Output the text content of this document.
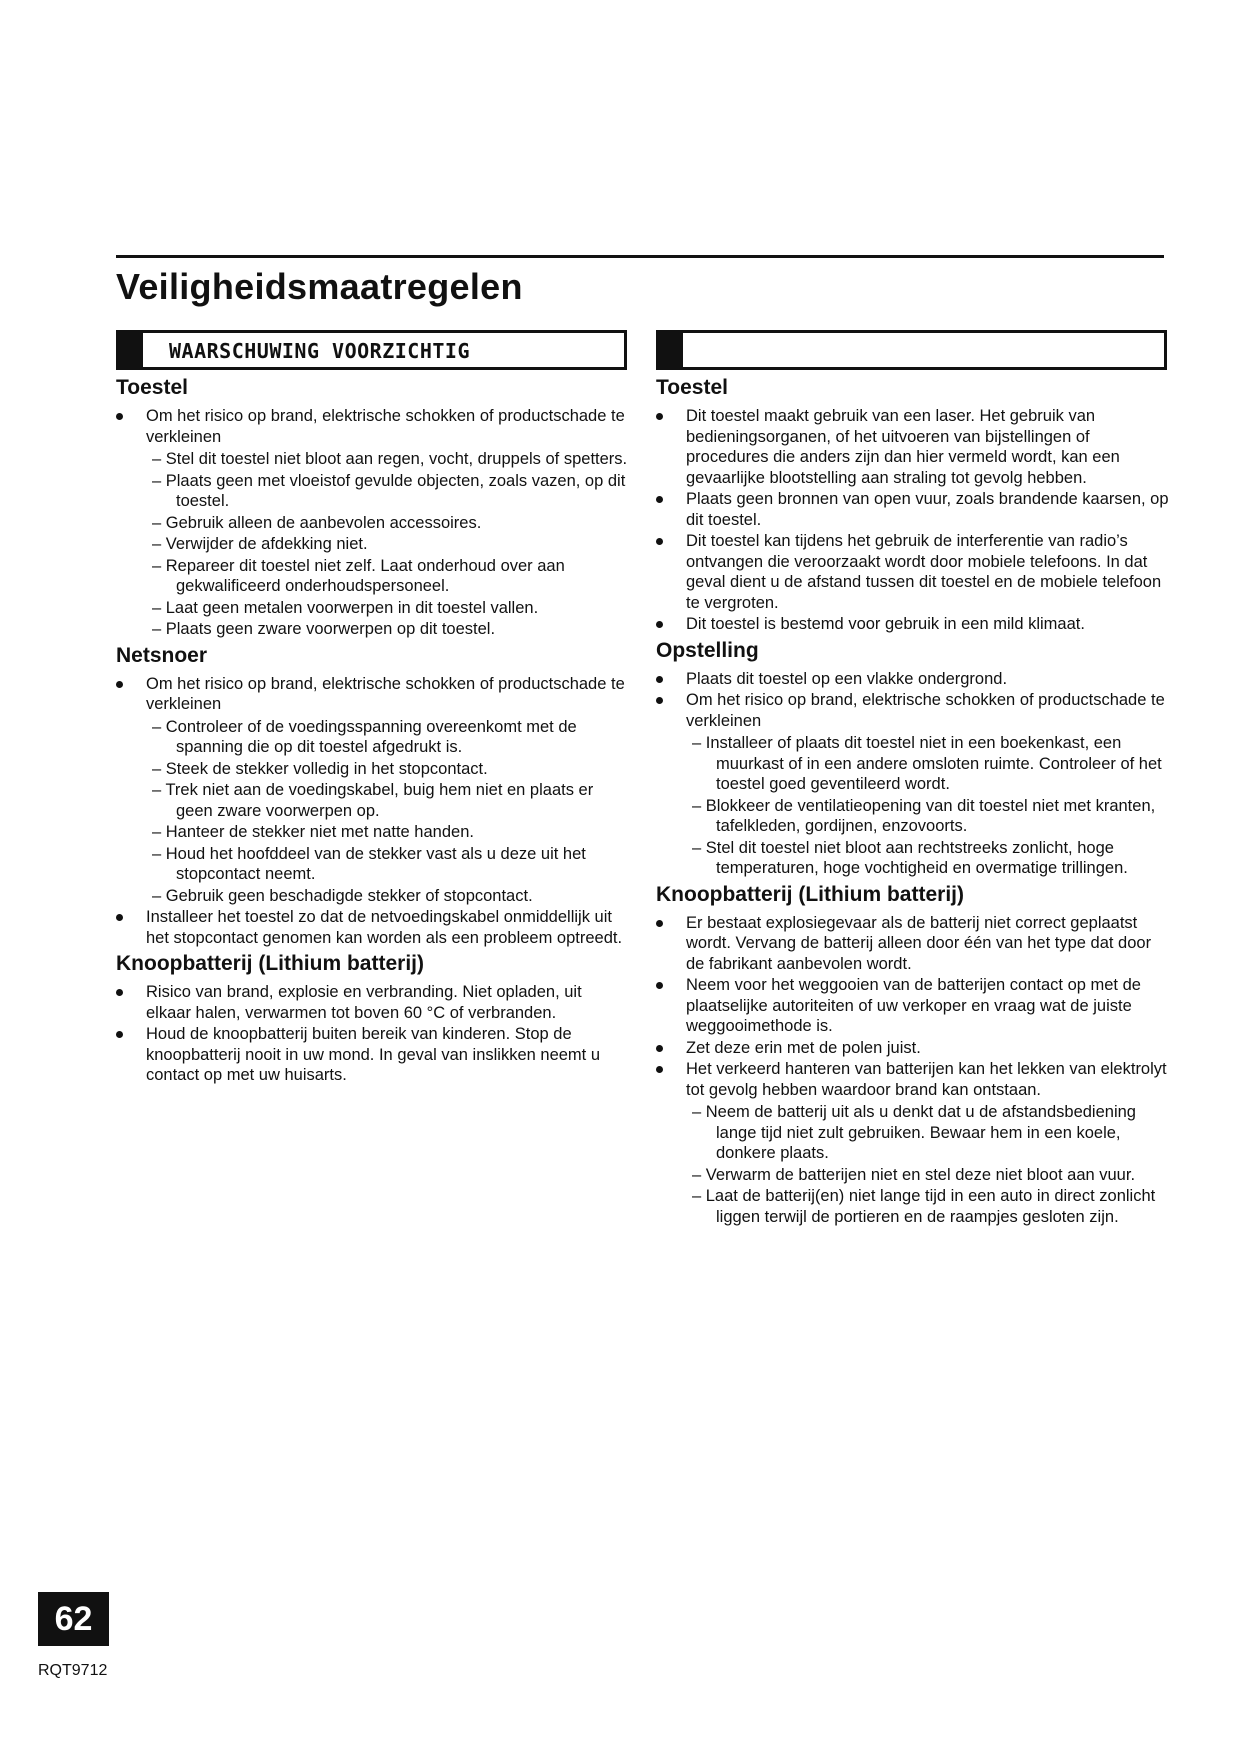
Veiligheidsmaatregelen
WAARSCHUWING VOORZICHTIG
Toestel
Om het risico op brand, elektrische schokken of productschade te verkleinen
– Stel dit toestel niet bloot aan regen, vocht, druppels of spetters.
– Plaats geen met vloeistof gevulde objecten, zoals vazen, op dit toestel.
– Gebruik alleen de aanbevolen accessoires.
– Verwijder de afdekking niet.
– Repareer dit toestel niet zelf. Laat onderhoud over aan gekwalificeerd onderhoudspersoneel.
– Laat geen metalen voorwerpen in dit toestel vallen.
– Plaats geen zware voorwerpen op dit toestel.
Netsnoer
Om het risico op brand, elektrische schokken of productschade te verkleinen
– Controleer of de voedingsspanning overeenkomt met de spanning die op dit toestel afgedrukt is.
– Steek de stekker volledig in het stopcontact.
– Trek niet aan de voedingskabel, buig hem niet en plaats er geen zware voorwerpen op.
– Hanteer de stekker niet met natte handen.
– Houd het hoofddeel van de stekker vast als u deze uit het stopcontact neemt.
– Gebruik geen beschadigde stekker of stopcontact.
Installeer het toestel zo dat de netvoedingskabel onmiddellijk uit het stopcontact genomen kan worden als een probleem optreedt.
Knoopbatterij (Lithium batterij)
Risico van brand, explosie en verbranding. Niet opladen, uit elkaar halen, verwarmen tot boven 60 °C of verbranden.
Houd de knoopbatterij buiten bereik van kinderen. Stop de knoopbatterij nooit in uw mond. In geval van inslikken neemt u contact op met uw huisarts.
Toestel
Dit toestel maakt gebruik van een laser. Het gebruik van bedieningsorganen, of het uitvoeren van bijstellingen of procedures die anders zijn dan hier vermeld wordt, kan een gevaarlijke blootstelling aan straling tot gevolg hebben.
Plaats geen bronnen van open vuur, zoals brandende kaarsen, op dit toestel.
Dit toestel kan tijdens het gebruik de interferentie van radio’s ontvangen die veroorzaakt wordt door mobiele telefoons. In dat geval dient u de afstand tussen dit toestel en de mobiele telefoon te vergroten.
Dit toestel is bestemd voor gebruik in een mild klimaat.
Opstelling
Plaats dit toestel op een vlakke ondergrond.
Om het risico op brand, elektrische schokken of productschade te verkleinen
– Installeer of plaats dit toestel niet in een boekenkast, een muurkast of in een andere omsloten ruimte. Controleer of het toestel goed geventileerd wordt.
– Blokkeer de ventilatieopening van dit toestel niet met kranten, tafelkleden, gordijnen, enzovoorts.
– Stel dit toestel niet bloot aan rechtstreeks zonlicht, hoge temperaturen, hoge vochtigheid en overmatige trillingen.
Knoopbatterij (Lithium batterij)
Er bestaat explosiegevaar als de batterij niet correct geplaatst wordt. Vervang de batterij alleen door één van het type dat door de fabrikant aanbevolen wordt.
Neem voor het weggooien van de batterijen contact op met de plaatselijke autoriteiten of uw verkoper en vraag wat de juiste weggooimethode is.
Zet deze erin met de polen juist.
Het verkeerd hanteren van batterijen kan het lekken van elektrolyt tot gevolg hebben waardoor brand kan ontstaan.
– Neem de batterij uit als u denkt dat u de afstandsbediening lange tijd niet zult gebruiken. Bewaar hem in een koele, donkere plaats.
– Verwarm de batterijen niet en stel deze niet bloot aan vuur.
– Laat de batterij(en) niet lange tijd in een auto in direct zonlicht liggen terwijl de portieren en de raampjes gesloten zijn.
62
RQT9712
